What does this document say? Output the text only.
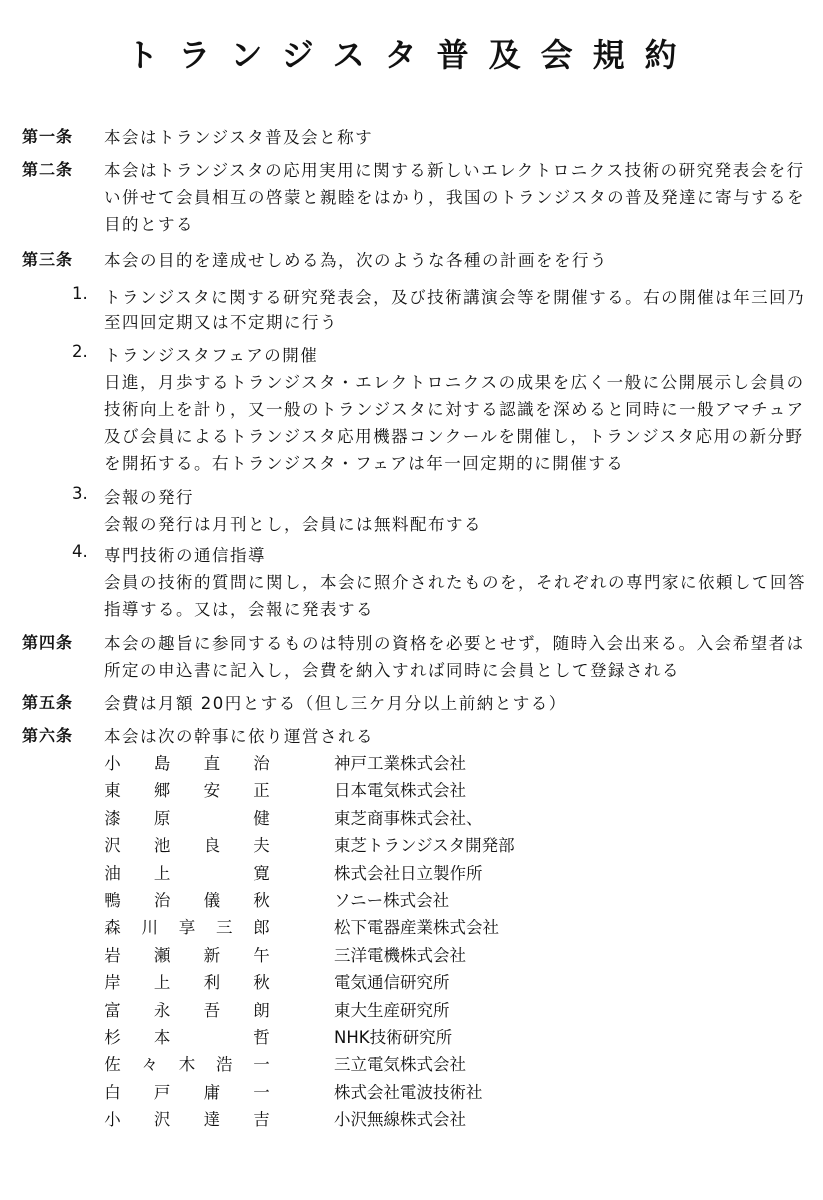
トランジスタ普及会規約
第一条 本会はトランジスタ普及会と称す
第二条 本会はトランジスタの応用実用に関する新しいエレクトロニクス技術の研究発表会を行
い併せて会員相互の啓蒙と親睦をはかり，我国のトランジスタの普及発達に寄与するを
目的とする
第三条 本会の目的を達成せしめる為，次のような各種の計画をを行う
1. トランジスタに関する研究発表会，及び技術講演会等を開催する。右の開催は年三回乃
至四回定期又は不定期に行う
2. トランジスタフェアの開催
日進，月歩するトランジスタ・エレクトロニクスの成果を広く一般に公開展示し会員の
技術向上を計り，又一般のトランジスタに対する認識を深めると同時に一般アマチュア
及び会員によるトランジスタ応用機器コンクールを開催し，トランジスタ応用の新分野
を開拓する。右トランジスタ・フェアは年一回定期的に開催する
3. 会報の発行
会報の発行は月刊とし，会員には無料配布する
4. 専門技術の通信指導
会員の技術的質問に関し，本会に照介されたものを，それぞれの専門家に依頼して回答
指導する。又は，会報に発表する
第四条 本会の趣旨に参同するものは特別の資格を必要とせず，随時入会出来る。入会希望者は
所定の申込書に記入し，会費を納入すれば同時に会員として登録される
第五条 会費は月額 20円とする（但し三ケ月分以上前納とする）
第六条 本会は次の幹事に依り運営される
小 島 直 治	神戸工業株式会社
東 郷 安 正	日本電気株式会社
漆 原	健	東芝商事株式会社、
沢 池 良 夫	東芝トランジスタ開発部
油 上	寛	株式会社日立製作所
鴨 治 儀 秋	ソニー株式会社
森 川 享 三 郎	松下電器産業株式会社
岩 瀬 新 午	三洋電機株式会社
岸 上 利 秋	電気通信研究所
富 永 吾 朗	東大生産研究所
杉 本	哲	NHK技術研究所
佐 々 木 浩 一	三立電気株式会社
白 戸 庸 一	株式会社電波技術社
小 沢 達 吉	小沢無線株式会社
